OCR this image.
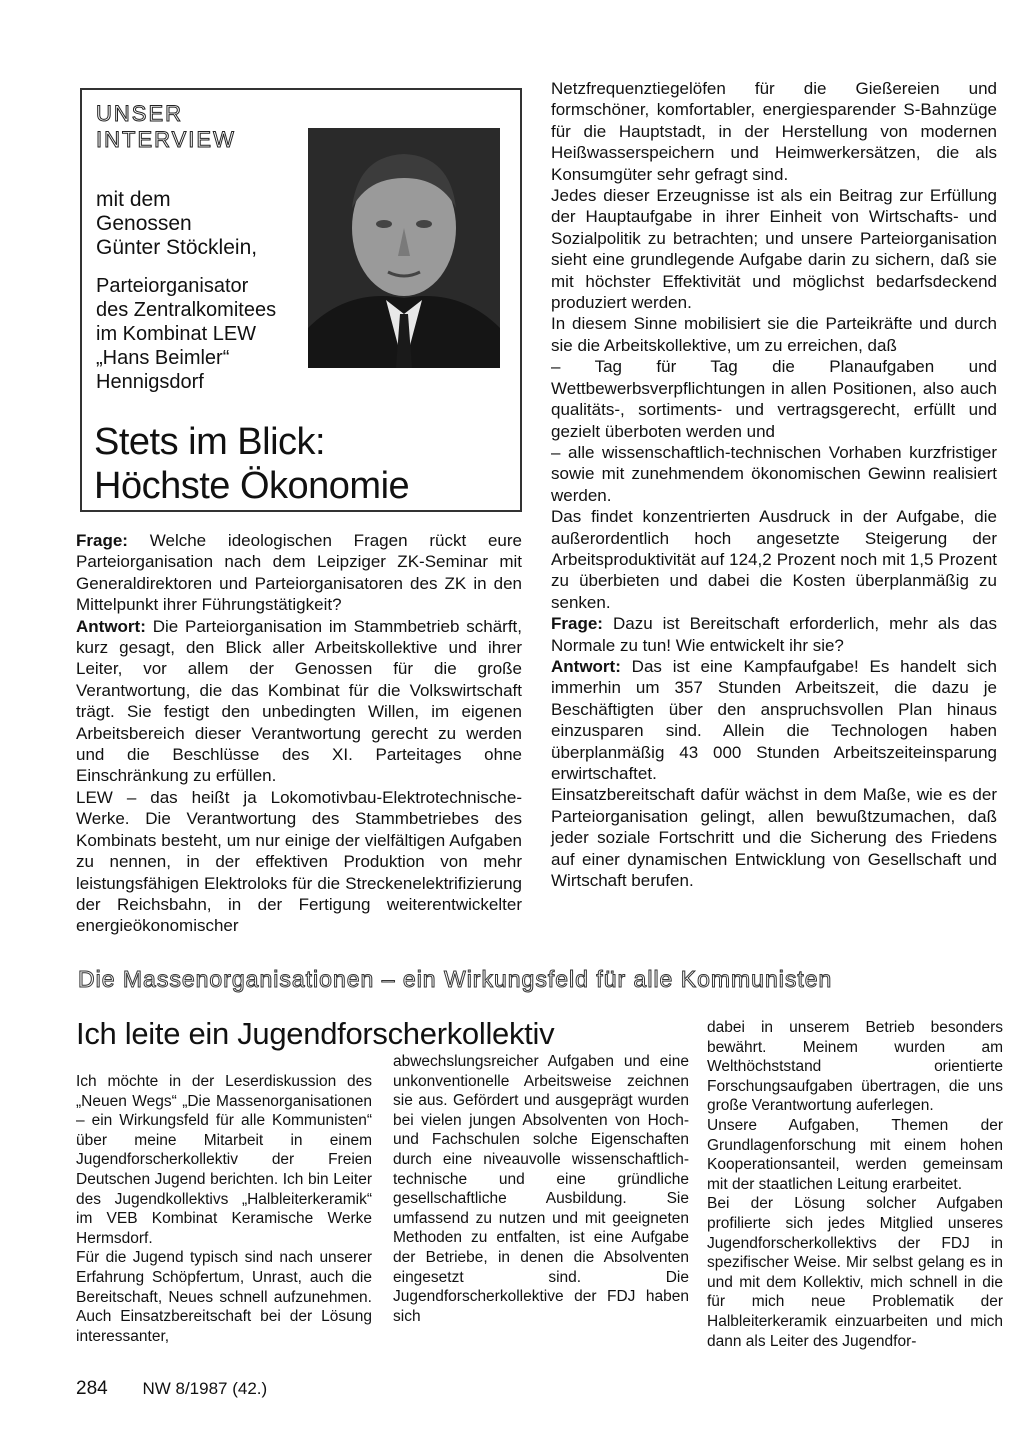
UNSER
INTERVIEW
mit dem
Genossen
Günter Stöcklein,
Parteiorganisator
des Zentralkomitees
im Kombinat LEW
„Hans Beimler“
Hennigsdorf
Stets im Blick:
Höchste Ökonomie

Frage: Welche ideologischen Fragen rückt eure Parteiorganisation nach dem Leipziger ZK-Seminar mit Generaldirektoren und Parteiorganisatoren des ZK in den Mittelpunkt ihrer Führungstätigkeit?

Antwort: Die Parteiorganisation im Stammbetrieb schärft, kurz gesagt, den Blick aller Arbeitskollektive und ihrer Leiter, vor allem der Genossen für die große Verantwortung, die das Kombinat für die Volkswirtschaft trägt. Sie festigt den unbedingten Willen, im eigenen Arbeitsbereich dieser Verantwortung gerecht zu werden und die Beschlüsse des XI. Parteitages ohne Einschränkung zu erfüllen.

LEW – das heißt ja Lokomotivbau-Elektrotechnische-Werke. Die Verantwortung des Stammbetriebes des Kombinats besteht, um nur einige der vielfältigen Aufgaben zu nennen, in der effektiven Produktion von mehr leistungsfähigen Elektroloks für die Streckenelektrifizierung der Reichsbahn, in der Fertigung weiterentwickelter energieökonomischer

Netzfrequenztiegelöfen für die Gießereien und formschöner, komfortabler, energiesparender S-Bahnzüge für die Hauptstadt, in der Herstellung von modernen Heißwasserspeichern und Heimwerkersätzen, die als Konsumgüter sehr gefragt sind.

Jedes dieser Erzeugnisse ist als ein Beitrag zur Erfüllung der Hauptaufgabe in ihrer Einheit von Wirtschafts- und Sozialpolitik zu betrachten; und unsere Parteiorganisation sieht eine grundlegende Aufgabe darin zu sichern, daß sie mit höchster Effektivität und möglichst bedarfsdeckend produziert werden.

In diesem Sinne mobilisiert sie die Parteikräfte und durch sie die Arbeitskollektive, um zu erreichen, daß

– Tag für Tag die Planaufgaben und Wettbewerbsverpflichtungen in allen Positionen, also auch qualitäts-, sortiments- und vertragsgerecht, erfüllt und gezielt überboten werden und

– alle wissenschaftlich-technischen Vorhaben kurzfristiger sowie mit zunehmendem ökonomischen Gewinn realisiert werden.

Das findet konzentrierten Ausdruck in der Aufgabe, die außerordentlich hoch angesetzte Steigerung der Arbeitsproduktivität auf 124,2 Prozent noch mit 1,5 Prozent zu überbieten und dabei die Kosten überplanmäßig zu senken.

Frage: Dazu ist Bereitschaft erforderlich, mehr als das Normale zu tun! Wie entwickelt ihr sie?

Antwort: Das ist eine Kampfaufgabe! Es handelt sich immerhin um 357 Stunden Arbeitszeit, die dazu je Beschäftigten über den anspruchsvollen Plan hinaus einzusparen sind. Allein die Technologen haben überplanmäßig 43 000 Stunden Arbeitszeiteinsparung erwirtschaftet.

Einsatzbereitschaft dafür wächst in dem Maße, wie es der Parteiorganisation gelingt, allen bewußtzumachen, daß jeder soziale Fortschritt und die Sicherung des Friedens auf einer dynamischen Entwicklung von Gesellschaft und Wirtschaft berufen.

Die Massenorganisationen – ein Wirkungsfeld für alle Kommunisten
Ich leite ein Jugendforscherkollektiv

Ich möchte in der Leserdiskussion des „Neuen Wegs“ „Die Massenorganisationen – ein Wirkungsfeld für alle Kommunisten“ über meine Mitarbeit in einem Jugendforscherkollektiv der Freien Deutschen Jugend berichten. Ich bin Leiter des Jugendkollektivs „Halbleiterkeramik“ im VEB Kombinat Keramische Werke Hermsdorf.

Für die Jugend typisch sind nach unserer Erfahrung Schöpfertum, Unrast, auch die Bereitschaft, Neues schnell aufzunehmen. Auch Einsatzbereitschaft bei der Lösung interessanter,

abwechslungsreicher Aufgaben und eine unkonventionelle Arbeitsweise zeichnen sie aus. Gefördert und ausgeprägt wurden bei vielen jungen Absolventen von Hoch- und Fachschulen solche Eigenschaften durch eine niveauvolle wissenschaftlich-technische und eine gründliche gesellschaftliche Ausbildung. Sie umfassend zu nutzen und mit geeigneten Methoden zu entfalten, ist eine Aufgabe der Betriebe, in denen die Absolventen eingesetzt sind. Die Jugendforscherkollektive der FDJ haben sich

dabei in unserem Betrieb besonders bewährt. Meinem wurden am Welthöchststand orientierte Forschungsaufgaben übertragen, die uns große Verantwortung auferlegen.

Unsere Aufgaben, Themen der Grundlagenforschung mit einem hohen Kooperationsanteil, werden gemeinsam mit der staatlichen Leitung erarbeitet.

Bei der Lösung solcher Aufgaben profilierte sich jedes Mitglied unseres Jugendforscherkollektivs der FDJ in spezifischer Weise. Mir selbst gelang es in und mit dem Kollektiv, mich schnell in die für mich neue Problematik der Halbleiterkeramik einzuarbeiten und mich dann als Leiter des Jugendfor-

284 NW 8/1987 (42.)
